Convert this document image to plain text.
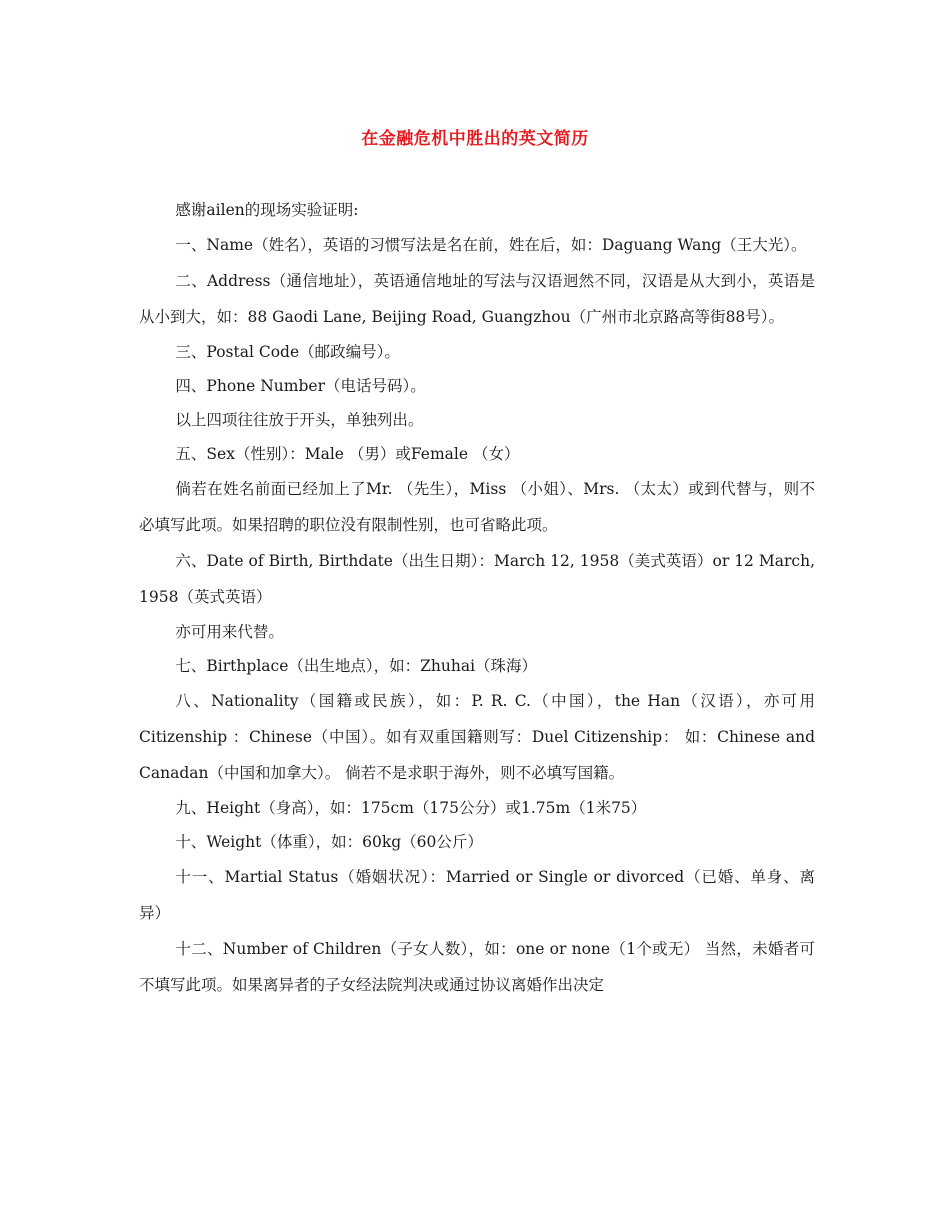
在金融危机中胜出的英文简历

感谢ailen的现场实验证明:

一、Name（姓名），英语的习惯写法是名在前，姓在后，如：Daguang Wang（王大光）。

二、Address（通信地址），英语通信地址的写法与汉语迥然不同，汉语是从大到小，英语是从小到大，如：88 Gaodi Lane, Beijing Road, Guangzhou（广州市北京路高等街88号）。

三、Postal Code（邮政编号）。

四、Phone Number（电话号码）。

以上四项往往放于开头，单独列出。

五、Sex（性别）：Male （男）或Female （女）

倘若在姓名前面已经加上了Mr. （先生），Miss （小姐）、Mrs. （太太）或到代替与，则不必填写此项。如果招聘的职位没有限制性别，也可省略此项。

六、Date of Birth, Birthdate（出生日期）：March 12, 1958（美式英语）or 12 March, 1958（英式英语）

亦可用来代替。

七、Birthplace（出生地点），如：Zhuhai（珠海）

八、Nationality（国籍或民族），如：P. R. C.（中国），the Han（汉语），亦可用 Citizenship ：Chinese（中国）。如有双重国籍则写：Duel Citizenship： 如：Chinese and Canadan（中国和加拿大）。 倘若不是求职于海外，则不必填写国籍。

九、Height（身高），如：175cm（175公分）或1.75m（1米75）

十、Weight（体重），如：60kg（60公斤）

十一、Martial Status（婚姻状况）：Married or Single or divorced（已婚、单身、离异）

十二、Number of Children（子女人数），如：one or none（1个或无） 当然，未婚者可不填写此项。如果离异者的子女经法院判决或通过协议离婚作出决定
